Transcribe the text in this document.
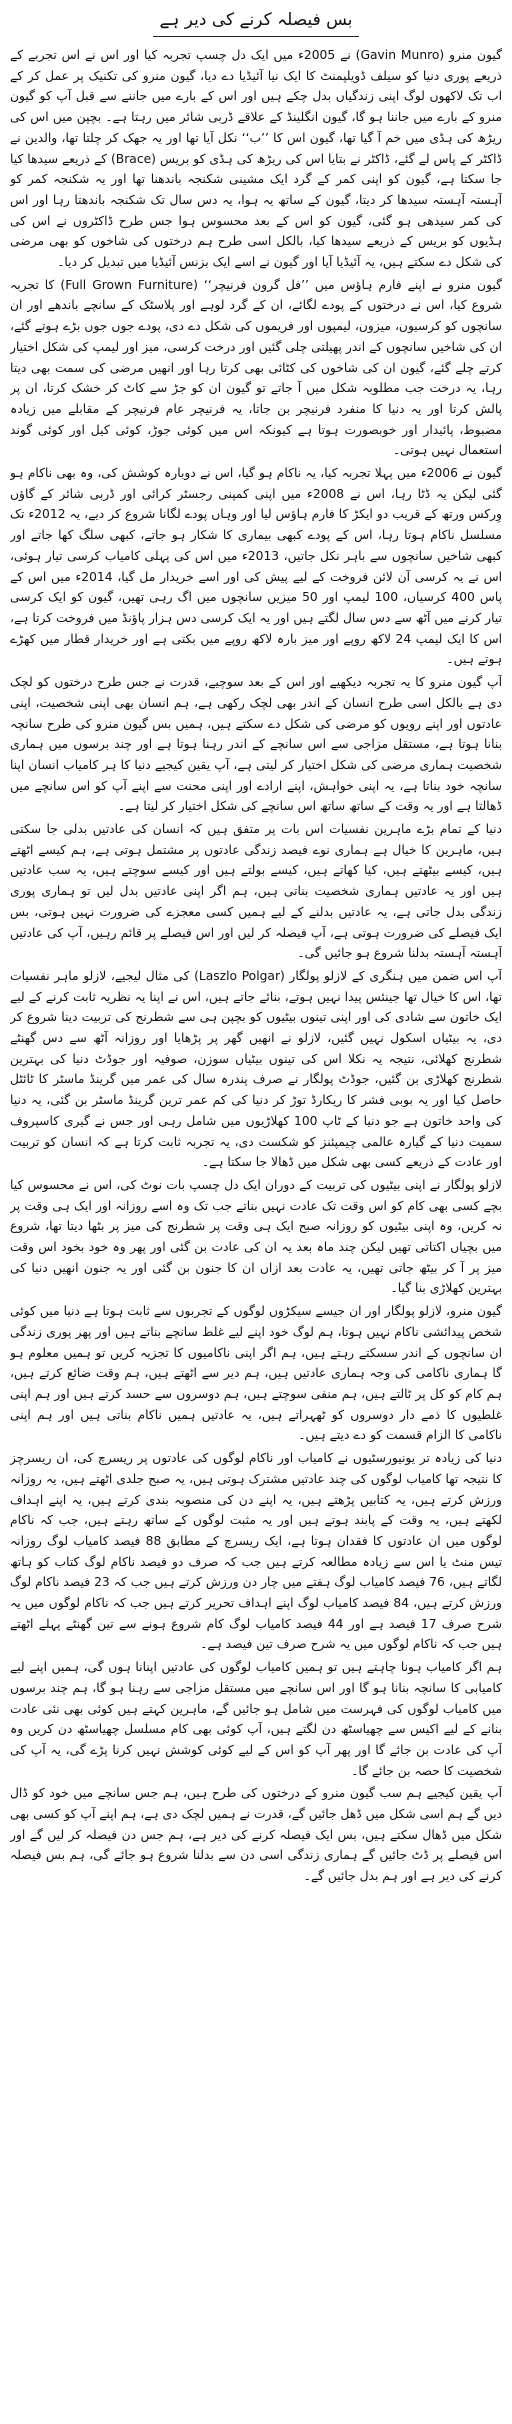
بس فیصلہ کرنے کی دیر ہے

گیون منرو (Gavin Munro) نے 2005ء میں ایک دل چسپ تجربہ کیا اور اس نے اس تجربے کے ذریعے پوری دنیا کو سیلف ڈویلپمنٹ کا ایک نیا آئیڈیا دے دیا، گیون منرو کی تکنیک پر عمل کر کے اب تک لاکھوں لوگ اپنی زندگیاں بدل چکے ہیں اور اس کے بارے میں جاننے سے قبل آپ کو گیون منرو کے بارے میں جاننا ہو گا، گیون انگلینڈ کے علاقے ڈربی شائر میں رہتا ہے۔ بچپن میں اس کی ریڑھ کی ہڈی میں خم آ گیا تھا، گیون اس کا ’’ب‘‘ نکل آیا تھا اور یہ جھک کر چلتا تھا، والدین نے ڈاکٹر کے پاس لے گئے، ڈاکٹر نے بتایا اس کی ریڑھ کی ہڈی کو بریس (Brace) کے ذریعے سیدھا کیا جا سکتا ہے، گیون کو اپنی کمر کے گرد ایک مشینی شکنجہ باندھنا تھا اور یہ شکنجہ کمر کو آہستہ آہستہ سیدھا کر دیتا، گیون کے ساتھ یہ ہوا، یہ دس سال تک شکنجہ باندھتا رہا اور اس کی کمر سیدھی ہو گئی، گیون کو اس کے بعد محسوس ہوا جس طرح ڈاکٹروں نے اس کی ہڈیوں کو بریس کے ذریعے سیدھا کیا، بالکل اسی طرح ہم درختوں کی شاخوں کو بھی مرضی کی شکل دے سکتے ہیں، یہ آئیڈیا آیا اور گیون نے اسے ایک بزنس آئیڈیا میں تبدیل کر دیا۔

گیون منرو نے اپنے فارم ہاؤس میں ’’فل گرون فرنیچر‘‘ (Full Grown Furniture) کا تجربہ شروع کیا، اس نے درختوں کے پودے لگائے، ان کے گرد لوہے اور پلاسٹک کے سانچے باندھے اور ان سانچوں کو کرسیوں، میزوں، لیمپوں اور فریموں کی شکل دے دی، پودے جوں جوں بڑے ہوتے گئے، ان کی شاخیں سانچوں کے اندر پھیلتی چلی گئیں اور درخت کرسی، میز اور لیمپ کی شکل اختیار کرتے چلے گئے، گیون ان کی شاخوں کی کٹائی بھی کرتا رہا اور انھیں مرضی کی سمت بھی دیتا رہا، یہ درخت جب مطلوبہ شکل میں آ جاتے تو گیون ان کو جڑ سے کاٹ کر خشک کرتا، ان پر پالش کرتا اور یہ دنیا کا منفرد فرنیچر بن جاتا، یہ فرنیچر عام فرنیچر کے مقابلے میں زیادہ مضبوط، پائیدار اور خوبصورت ہوتا ہے کیونکہ اس میں کوئی جوڑ، کوئی کیل اور کوئی گوند استعمال نہیں ہوتی۔

گیون نے 2006ء میں پہلا تجربہ کیا، یہ ناکام ہو گیا، اس نے دوبارہ کوشش کی، وہ بھی ناکام ہو گئی لیکن یہ ڈٹا رہا، اس نے 2008ء میں اپنی کمپنی رجسٹر کرائی اور ڈربی شائر کے گاؤں وِرکس ورتھ کے قریب دو ایکڑ کا فارم ہاؤس لیا اور وہاں پودے لگانا شروع کر دیے، یہ 2012ء تک مسلسل ناکام ہوتا رہا، اس کے پودے کبھی بیماری کا شکار ہو جاتے، کبھی سلگ کھا جاتے اور کبھی شاخیں سانچوں سے باہر نکل جاتیں، 2013ء میں اس کی پہلی کامیاب کرسی تیار ہوئی، اس نے یہ کرسی آن لائن فروخت کے لیے پیش کی اور اسے خریدار مل گیا، 2014ء میں اس کے پاس 400 کرسیاں، 100 لیمپ اور 50 میزیں سانچوں میں اگ رہی تھیں، گیون کو ایک کرسی تیار کرنے میں آٹھ سے دس سال لگتے ہیں اور یہ ایک کرسی دس ہزار پاؤنڈ میں فروخت کرتا ہے، اس کا ایک لیمپ 24 لاکھ روپے اور میز بارہ لاکھ روپے میں بکتی ہے اور خریدار قطار میں کھڑے ہوتے ہیں۔

آپ گیون منرو کا یہ تجربہ دیکھیے اور اس کے بعد سوچیے، قدرت نے جس طرح درختوں کو لچک دی ہے بالکل اسی طرح انسان کے اندر بھی لچک رکھی ہے، ہم انسان بھی اپنی شخصیت، اپنی عادتوں اور اپنے رویوں کو مرضی کی شکل دے سکتے ہیں، ہمیں بس گیون منرو کی طرح سانچہ بنانا ہوتا ہے، مستقل مزاجی سے اس سانچے کے اندر رہنا ہوتا ہے اور چند برسوں میں ہماری شخصیت ہماری مرضی کی شکل اختیار کر لیتی ہے، آپ یقین کیجیے دنیا کا ہر کامیاب انسان اپنا سانچہ خود بناتا ہے، یہ اپنی خواہش، اپنے ارادے اور اپنی محنت سے اپنے آپ کو اس سانچے میں ڈھالتا ہے اور یہ وقت کے ساتھ ساتھ اس سانچے کی شکل اختیار کر لیتا ہے۔

دنیا کے تمام بڑے ماہرین نفسیات اس بات پر متفق ہیں کہ انسان کی عادتیں بدلی جا سکتی ہیں، ماہرین کا خیال ہے ہماری نوے فیصد زندگی عادتوں پر مشتمل ہوتی ہے، ہم کیسے اٹھتے ہیں، کیسے بیٹھتے ہیں، کیا کھاتے ہیں، کیسے بولتے ہیں اور کیسے سوچتے ہیں، یہ سب عادتیں ہیں اور یہ عادتیں ہماری شخصیت بناتی ہیں، ہم اگر اپنی عادتیں بدل لیں تو ہماری پوری زندگی بدل جاتی ہے، یہ عادتیں بدلنے کے لیے ہمیں کسی معجزے کی ضرورت نہیں ہوتی، بس ایک فیصلے کی ضرورت ہوتی ہے، آپ فیصلہ کر لیں اور اس فیصلے پر قائم رہیں، آپ کی عادتیں آہستہ آہستہ بدلنا شروع ہو جائیں گی۔

آپ اس ضمن میں ہنگری کے لازلو پولگار (Laszlo Polgar) کی مثال لیجیے، لازلو ماہر نفسیات تھا، اس کا خیال تھا جینئس پیدا نہیں ہوتے، بنائے جاتے ہیں، اس نے اپنا یہ نظریہ ثابت کرنے کے لیے ایک خاتون سے شادی کی اور اپنی تینوں بیٹیوں کو بچپن ہی سے شطرنج کی تربیت دینا شروع کر دی، یہ بیٹیاں اسکول نہیں گئیں، لازلو نے انھیں گھر پر پڑھایا اور روزانہ آٹھ سے دس گھنٹے شطرنج کھلائی، نتیجہ یہ نکلا اس کی تینوں بیٹیاں سوزن، صوفیہ اور جوڈٹ دنیا کی بہترین شطرنج کھلاڑی بن گئیں، جوڈٹ پولگار نے صرف پندرہ سال کی عمر میں گرینڈ ماسٹر کا ٹائٹل حاصل کیا اور یہ بوبی فشر کا ریکارڈ توڑ کر دنیا کی کم عمر ترین گرینڈ ماسٹر بن گئی، یہ دنیا کی واحد خاتون ہے جو دنیا کے ٹاپ 100 کھلاڑیوں میں شامل رہی اور جس نے گیری کاسپروف سمیت دنیا کے گیارہ عالمی چیمپئنز کو شکست دی، یہ تجربہ ثابت کرتا ہے کہ انسان کو تربیت اور عادت کے ذریعے کسی بھی شکل میں ڈھالا جا سکتا ہے۔

لازلو پولگار نے اپنی بیٹیوں کی تربیت کے دوران ایک دل چسپ بات نوٹ کی، اس نے محسوس کیا بچے کسی بھی کام کو اس وقت تک عادت نہیں بناتے جب تک وہ اسے روزانہ اور ایک ہی وقت پر نہ کریں، وہ اپنی بیٹیوں کو روزانہ صبح ایک ہی وقت پر شطرنج کی میز پر بٹھا دیتا تھا، شروع میں بچیاں اکتاتی تھیں لیکن چند ماہ بعد یہ ان کی عادت بن گئی اور پھر وہ خود بخود اس وقت میز پر آ کر بیٹھ جاتی تھیں، یہ عادت بعد ازاں ان کا جنون بن گئی اور یہ جنون انھیں دنیا کی بہترین کھلاڑی بنا گیا۔

گیون منرو، لازلو پولگار اور ان جیسے سیکڑوں لوگوں کے تجربوں سے ثابت ہوتا ہے دنیا میں کوئی شخص پیدائشی ناکام نہیں ہوتا، ہم لوگ خود اپنے لیے غلط سانچے بناتے ہیں اور پھر پوری زندگی ان سانچوں کے اندر سسکتے رہتے ہیں، ہم اگر اپنی ناکامیوں کا تجزیہ کریں تو ہمیں معلوم ہو گا ہماری ناکامی کی وجہ ہماری عادتیں ہیں، ہم دیر سے اٹھتے ہیں، ہم وقت ضائع کرتے ہیں، ہم کام کو کل پر ٹالتے ہیں، ہم منفی سوچتے ہیں، ہم دوسروں سے حسد کرتے ہیں اور ہم اپنی غلطیوں کا ذمے دار دوسروں کو ٹھہراتے ہیں، یہ عادتیں ہمیں ناکام بناتی ہیں اور ہم اپنی ناکامی کا الزام قسمت کو دے دیتے ہیں۔

دنیا کی زیادہ تر یونیورسٹیوں نے کامیاب اور ناکام لوگوں کی عادتوں پر ریسرچ کی، ان ریسرچز کا نتیجہ تھا کامیاب لوگوں کی چند عادتیں مشترک ہوتی ہیں، یہ صبح جلدی اٹھتے ہیں، یہ روزانہ ورزش کرتے ہیں، یہ کتابیں پڑھتے ہیں، یہ اپنے دن کی منصوبہ بندی کرتے ہیں، یہ اپنے اہداف لکھتے ہیں، یہ وقت کے پابند ہوتے ہیں اور یہ مثبت لوگوں کے ساتھ رہتے ہیں، جب کہ ناکام لوگوں میں ان عادتوں کا فقدان ہوتا ہے، ایک ریسرچ کے مطابق 88 فیصد کامیاب لوگ روزانہ تیس منٹ یا اس سے زیادہ مطالعہ کرتے ہیں جب کہ صرف دو فیصد ناکام لوگ کتاب کو ہاتھ لگاتے ہیں، 76 فیصد کامیاب لوگ ہفتے میں چار دن ورزش کرتے ہیں جب کہ 23 فیصد ناکام لوگ ورزش کرتے ہیں، 84 فیصد کامیاب لوگ اپنے اہداف تحریر کرتے ہیں جب کہ ناکام لوگوں میں یہ شرح صرف 17 فیصد ہے اور 44 فیصد کامیاب لوگ کام شروع ہونے سے تین گھنٹے پہلے اٹھتے ہیں جب کہ ناکام لوگوں میں یہ شرح صرف تین فیصد ہے۔

ہم اگر کامیاب ہونا چاہتے ہیں تو ہمیں کامیاب لوگوں کی عادتیں اپنانا ہوں گی، ہمیں اپنے لیے کامیابی کا سانچہ بنانا ہو گا اور اس سانچے میں مستقل مزاجی سے رہنا ہو گا، ہم چند برسوں میں کامیاب لوگوں کی فہرست میں شامل ہو جائیں گے، ماہرین کہتے ہیں کوئی بھی نئی عادت بنانے کے لیے اکیس سے چھیاسٹھ دن لگتے ہیں، آپ کوئی بھی کام مسلسل چھیاسٹھ دن کریں وہ آپ کی عادت بن جائے گا اور پھر آپ کو اس کے لیے کوئی کوشش نہیں کرنا پڑے گی، یہ آپ کی شخصیت کا حصہ بن جائے گا۔

آپ یقین کیجیے ہم سب گیون منرو کے درختوں کی طرح ہیں، ہم جس سانچے میں خود کو ڈال دیں گے ہم اسی شکل میں ڈھل جائیں گے، قدرت نے ہمیں لچک دی ہے، ہم اپنے آپ کو کسی بھی شکل میں ڈھال سکتے ہیں، بس ایک فیصلہ کرنے کی دیر ہے، ہم جس دن فیصلہ کر لیں گے اور اس فیصلے پر ڈٹ جائیں گے ہماری زندگی اسی دن سے بدلنا شروع ہو جائے گی، ہم بس فیصلہ کرنے کی دیر ہے اور ہم بدل جائیں گے۔
